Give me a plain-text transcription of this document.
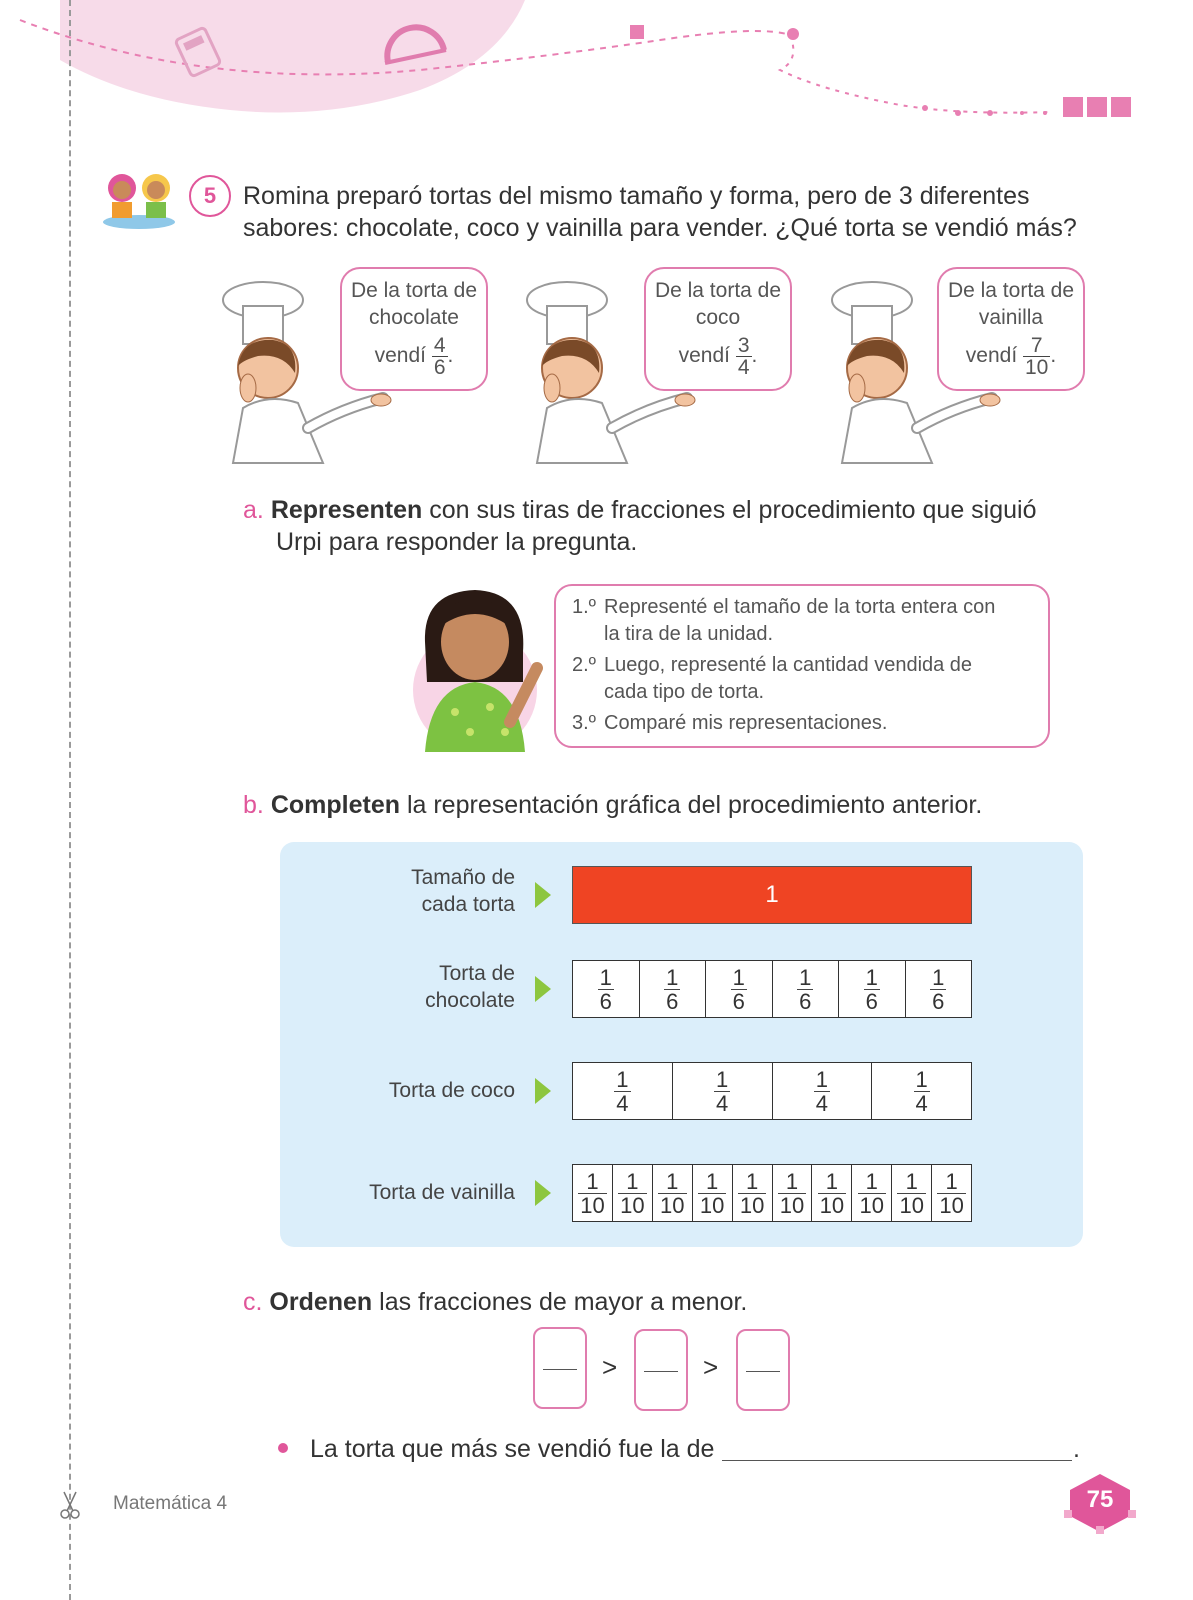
5	Romina preparó tortas del mismo tamaño y forma, pero de 3 diferentes
sabores: chocolate, coco y vainilla para vender. ¿Qué torta se vendió más?
De la torta de
chocolate
vendí $\frac{4}{6}$ .
De la torta de
coco
vendí $\frac{3}{4}$ .
De la torta de
vainilla
vendí $\frac{7}{10}$ .
a. Representen con sus tiras de fracciones el procedimiento que siguió
Urpi para responder la pregunta.
1.º Representé el tamaño de la torta entera con
la tira de la unidad.
2.º Luego, representé la cantidad vendida de
cada tipo de torta.
3.º Comparé mis representaciones.
b. Completen la representación gráfica del procedimiento anterior.
Tamaño de
cada torta	1
Torta de
chocolate	$\frac{1}{6} \frac{1}{6} \frac{1}{6} \frac{1}{6} \frac{1}{6} \frac{1}{6}$
Torta de coco	$\frac{1}{4}$	$\frac{1}{4}$	$\frac{1}{4}$	$\frac{1}{4}$
Torta de vainilla	$\frac{1}{10} \frac{1}{10} \frac{1}{10} \frac{1}{10} \frac{1}{10} \frac{1}{10} \frac{1}{10} \frac{1}{10} \frac{1}{10} \frac{1}{10}$
c. Ordenen las fracciones de mayor a menor.
>	>
La torta que más se vendió fue la de	.
Matemática 4	75
